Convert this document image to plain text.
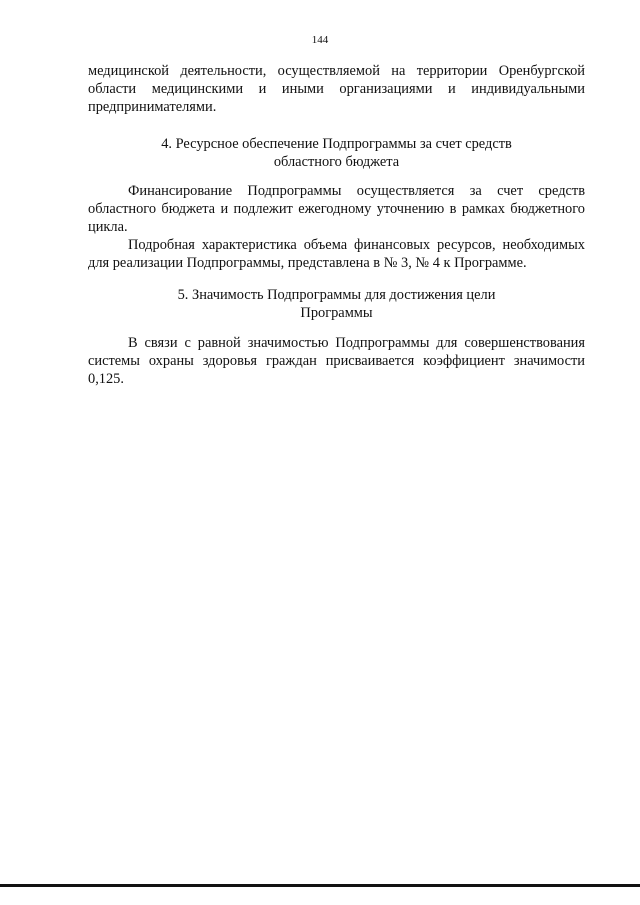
144

медицинской деятельности, осуществляемой на территории Оренбургской области медицинскими и иными организациями и индивидуальными предпринимателями.

4. Ресурсное обеспечение Подпрограммы за счет средств
областного бюджета

Финансирование Подпрограммы осуществляется за счет средств областного бюджета и подлежит ежегодному уточнению в рамках бюджетного цикла.

Подробная характеристика объема финансовых ресурсов, необходимых для реализации Подпрограммы, представлена в № 3, № 4 к Программе.

5. Значимость Подпрограммы для достижения цели
Программы

В связи с равной значимостью Подпрограммы для совершенствования системы охраны здоровья граждан присваивается коэффициент значимости 0,125.
